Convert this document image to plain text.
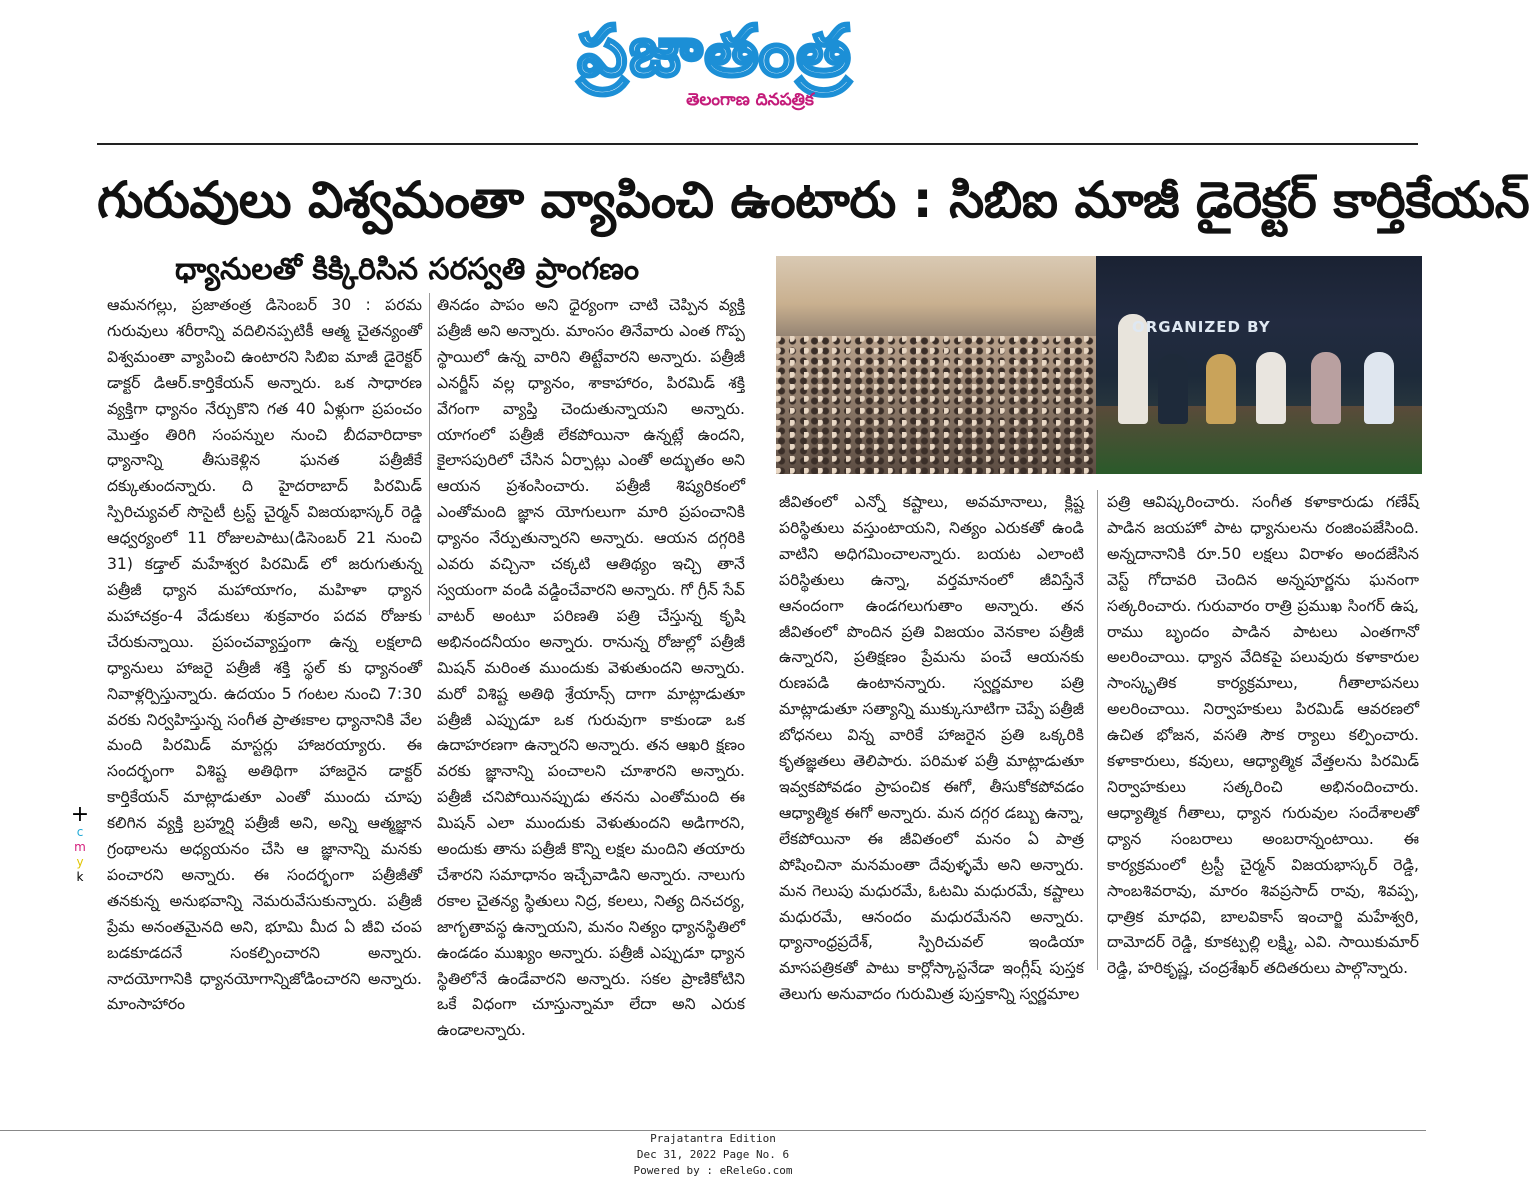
ప్రజాతంత్ర
తెలంగాణ దినపత్రిక
గురువులు విశ్వమంతా వ్యాపించి ఉంటారు : సిబిఐ మాజీ డైరెక్టర్ కార్తికేయన్
ధ్యానులతో కిక్కిరిసిన సరస్వతి ప్రాంగణం

ఆమనగల్లు, ప్రజాతంత్ర డిసెంబర్ 30 : పరమ గురువులు శరీరాన్ని వదిలినప్పటికీ ఆత్మ చైతన్యంతో విశ్వమంతా వ్యాపించి ఉంటారని సిబిఐ మాజీ డైరెక్టర్ డాక్టర్ డిఆర్.కార్తికేయన్ అన్నారు. ఒక సాధారణ వ్యక్తిగా ధ్యానం నేర్చుకొని గత 40 ఏళ్లుగా ప్రపంచం మొత్తం తిరిగి సంపన్నుల నుంచి బీదవారిదాకా ధ్యానాన్ని తీసుకెళ్లిన ఘనత పత్రీజీకే దక్కుతుందన్నారు. ది హైదరాబాద్ పిరమిడ్ స్పిరిచ్యువల్ సొసైటీ ట్రస్ట్ చైర్మన్ విజయభాస్కర్ రెడ్డి ఆధ్వర్యంలో 11 రోజులపాటు(డిసెంబర్ 21 నుంచి 31) కడ్తాల్ మహేశ్వర పిరమిడ్ లో జరుగుతున్న పత్రీజీ ధ్యాన మహాయాగం, మహిళా ధ్యాన మహాచక్రం-4 వేడుకలు శుక్రవారం పదవ రోజుకు చేరుకున్నాయి. ప్రపంచవ్యాప్తంగా ఉన్న లక్షలాది ధ్యానులు హాజరై పత్రీజీ శక్తి స్థల్ కు ధ్యానంతో నివాళ్లర్పిస్తున్నారు. ఉదయం 5 గంటల నుంచి 7:30 వరకు నిర్వహిస్తున్న సంగీత ప్రాతఃకాల ధ్యానానికి వేల మంది పిరమిడ్ మాస్టర్లు హాజరయ్యారు. ఈ సందర్భంగా విశిష్ట అతిథిగా హాజరైన డాక్టర్ కార్తికేయన్ మాట్లాడుతూ ఎంతో ముందు చూపు కలిగిన వ్యక్తి బ్రహ్మర్షి పత్రీజీ అని, అన్ని ఆత్మజ్ఞాన గ్రంథాలను అధ్యయనం చేసి ఆ జ్ఞానాన్ని మనకు పంచారని అన్నారు. ఈ సందర్భంగా పత్రీజీతో తనకున్న అనుభవాన్ని నెమరువేసుకున్నారు. పత్రీజీ ప్రేమ అనంతమైనది అని, భూమి మీద ఏ జీవి చంప బడకూడదనే సంకల్పించారని అన్నారు. నాదయోగానికి ధ్యానయోగాన్నిజోడించారని అన్నారు. మాంసాహారం

తినడం పాపం అని ధైర్యంగా చాటి చెప్పిన వ్యక్తి పత్రీజీ అని అన్నారు. మాంసం తినేవారు ఎంత గొప్ప స్థాయిలో ఉన్న వారిని తిట్టేవారని అన్నారు. పత్రీజీ ఎనర్జీస్ వల్ల ధ్యానం, శాకాహారం, పిరమిడ్ శక్తి వేగంగా వ్యాప్తి చెందుతున్నాయని అన్నారు. యాగంలో పత్రీజీ లేకపోయినా ఉన్నట్లే ఉందని, కైలాసపురిలో చేసిన ఏర్పాట్లు ఎంతో అద్భుతం అని ఆయన ప్రశంసించారు. పత్రీజీ శిష్యరికంలో ఎంతోమంది జ్ఞాన యోగులుగా మారి ప్రపంచానికి ధ్యానం నేర్పుతున్నారని అన్నారు. ఆయన దగ్గరికి ఎవరు వచ్చినా చక్కటి ఆతిథ్యం ఇచ్చి తానే స్వయంగా వండి వడ్డించేవారని అన్నారు. గో గ్రీన్ సేవ్ వాటర్ అంటూ పరిణతి పత్రి చేస్తున్న కృషి అభినందనీయం అన్నారు. రానున్న రోజుల్లో పత్రీజీ మిషన్ మరింత ముందుకు వెళుతుందని అన్నారు. మరో విశిష్ట అతిథి శ్రేయాన్స్ దాగా మాట్లాడుతూ పత్రీజీ ఎప్పుడూ ఒక గురువుగా కాకుండా ఒక ఉదాహరణగా ఉన్నారని అన్నారు. తన ఆఖరి క్షణం వరకు జ్ఞానాన్ని పంచాలని చూశారని అన్నారు. పత్రీజీ చనిపోయినప్పుడు తనను ఎంతోమంది ఈ మిషన్ ఎలా ముందుకు వెళుతుందని అడిగారని, అందుకు తాను పత్రీజీ కొన్ని లక్షల మందిని తయారు చేశారని సమాధానం ఇచ్చేవాడిని అన్నారు. నాలుగు రకాల చైతన్య స్థితులు నిద్ర, కలలు, నిత్య దినచర్య, జాగృతావస్థ ఉన్నాయని, మనం నిత్యం ధ్యానస్థితిలో ఉండడం ముఖ్యం అన్నారు. పత్రీజీ ఎప్పుడూ ధ్యాన స్థితిలోనే ఉండేవారని అన్నారు. సకల ప్రాణికోటిని ఒకే విధంగా చూస్తున్నామా లేదా అని ఎరుక ఉండాలన్నారు.

ORGANIZED BY

జీవితంలో ఎన్నో కష్టాలు, అవమానాలు, క్లిష్ట పరిస్థితులు వస్తుంటాయని, నిత్యం ఎరుకతో ఉండి వాటిని అధిగమించాలన్నారు. బయట ఎలాంటి పరిస్థితులు ఉన్నా, వర్తమానంలో జీవిస్తేనే ఆనందంగా ఉండగలుగుతాం అన్నారు. తన జీవితంలో పొందిన ప్రతి విజయం వెనకాల పత్రీజీ ఉన్నారని, ప్రతిక్షణం ప్రేమను పంచే ఆయనకు రుణపడి ఉంటానన్నారు. స్వర్ణమాల పత్రి మాట్లాడుతూ సత్యాన్ని ముక్కుసూటిగా చెప్పే పత్రీజీ బోధనలు విన్న వారికే హాజరైన ప్రతి ఒక్కరికి కృతజ్ఞతలు తెలిపారు. పరిమళ పత్రీ మాట్లాడుతూ ఇవ్వకపోవడం ప్రాపంచిక ఈగో, తీసుకోకపోవడం ఆధ్యాత్మిక ఈగో అన్నారు. మన దగ్గర డబ్బు ఉన్నా, లేకపోయినా ఈ జీవితంలో మనం ఏ పాత్ర పోషించినా మనమంతా దేవుళ్ళమే అని అన్నారు. మన గెలుపు మధురమే, ఓటమి మధురమే, కష్టాలు మధురమే, ఆనందం మధురమేనని అన్నారు. ధ్యానాంధ్రప్రదేశ్, స్పిరిచువల్ ఇండియా మాసపత్రికతో పాటు కార్లోస్కాస్టనేడా ఇంగ్లీష్ పుస్తక తెలుగు అనువాదం గురుమిత్ర పుస్తకాన్ని స్వర్ణమాల

పత్రి ఆవిష్కరించారు. సంగీత కళాకారుడు గణేష్ పాడిన జయహో పాట ధ్యానులను రంజింపజేసింది. అన్నదానానికి రూ.50 లక్షలు విరాళం అందజేసిన వెస్ట్ గోదావరి చెందిన అన్నపూర్ణను ఘనంగా సత్కరించారు. గురువారం రాత్రి ప్రముఖ సింగర్ ఉష, రాము బృందం పాడిన పాటలు ఎంతగానో అలరించాయి. ధ్యాన వేదికపై పలువురు కళాకారుల సాంస్కృతిక కార్యక్రమాలు, గీతాలాపనలు అలరించాయి. నిర్వాహకులు పిరమిడ్ ఆవరణలో ఉచిత భోజన, వసతి సౌక ర్యాలు కల్పించారు. కళాకారులు, కవులు, ఆధ్యాత్మిక వేత్తలను పిరమిడ్ నిర్వాహకులు సత్కరించి అభినందించారు. ఆధ్యాత్మిక గీతాలు, ధ్యాన గురువుల సందేశాలతో ధ్యాన సంబరాలు అంబరాన్నంటాయి. ఈ కార్యక్రమంలో ట్రస్టీ చైర్మన్ విజయభాస్కర్ రెడ్డి, సాంబశివరావు, మారం శివప్రసాద్ రావు, శివప్ప, ధాత్రిక మాధవి, బాలవికాస్ ఇంచార్జి మహేశ్వరి, దామోదర్ రెడ్డి, కూకట్పల్లి లక్ష్మి, ఎవి. సాయికుమార్ రెడ్డి, హరికృష్ణ, చంద్రశేఖర్ తదితరులు పాల్గొన్నారు.

+
c
m
y
k
Prajatantra Edition
Dec 31, 2022 Page No. 6
Powered by : eReleGo.com
